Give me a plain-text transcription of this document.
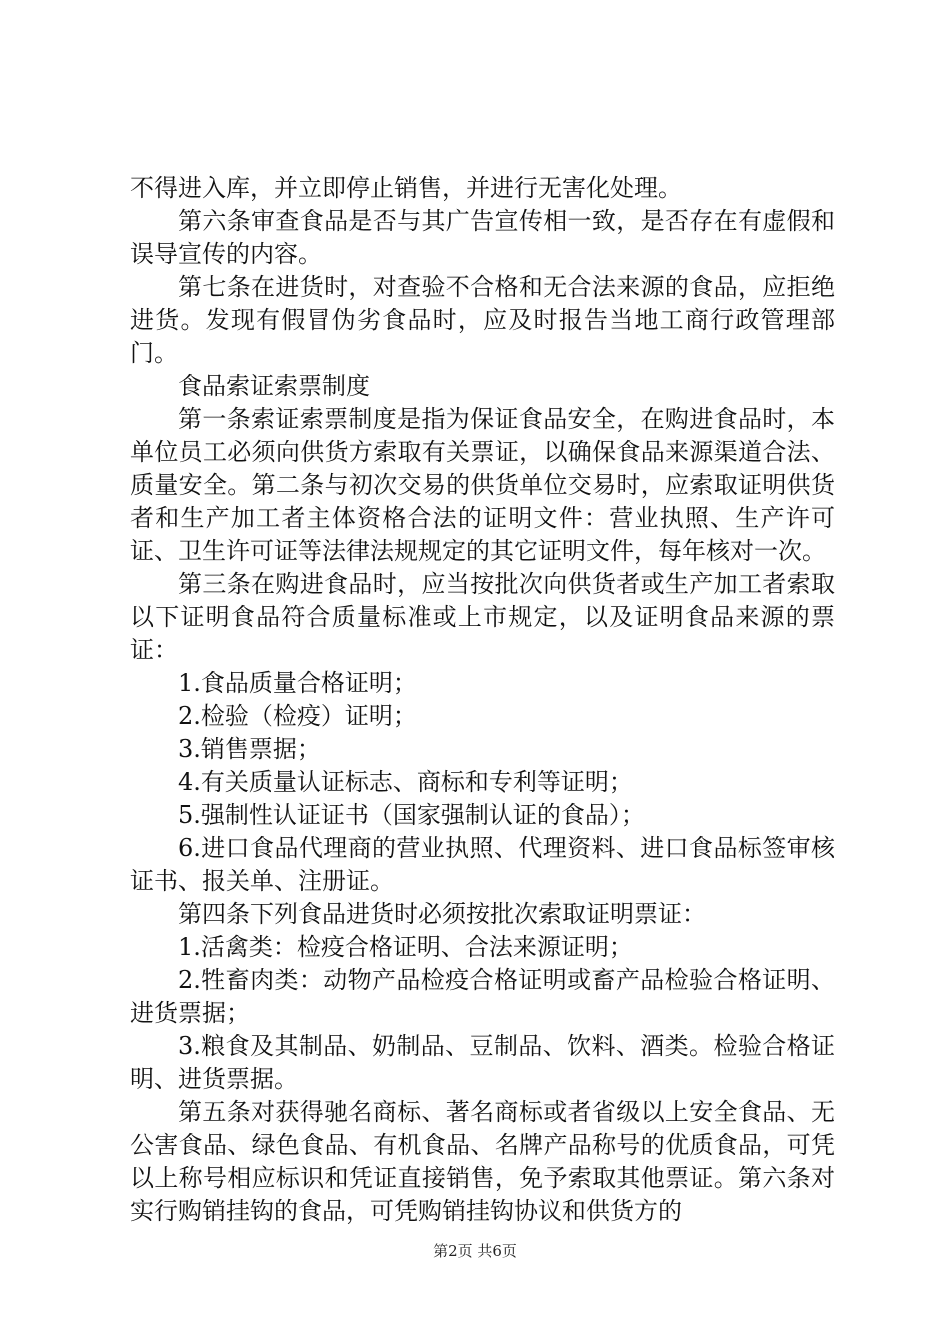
不得进入库，并立即停止销售，并进行无害化处理。

第六条审查食品是否与其广告宣传相一致，是否存在有虚假和误导宣传的内容。

第七条在进货时，对查验不合格和无合法来源的食品，应拒绝进货。发现有假冒伪劣食品时，应及时报告当地工商行政管理部门。

食品索证索票制度

第一条索证索票制度是指为保证食品安全，在购进食品时，本单位员工必须向供货方索取有关票证，以确保食品来源渠道合法、质量安全。第二条与初次交易的供货单位交易时，应索取证明供货者和生产加工者主体资格合法的证明文件：营业执照、生产许可证、卫生许可证等法律法规规定的其它证明文件，每年核对一次。

第三条在购进食品时，应当按批次向供货者或生产加工者索取以下证明食品符合质量标准或上市规定，以及证明食品来源的票证：

1.食品质量合格证明；

2.检验（检疫）证明；

3.销售票据；

4.有关质量认证标志、商标和专利等证明；

5.强制性认证证书（国家强制认证的食品）；

6.进口食品代理商的营业执照、代理资料、进口食品标签审核证书、报关单、注册证。

第四条下列食品进货时必须按批次索取证明票证：

1.活禽类：检疫合格证明、合法来源证明；

2.牲畜肉类：动物产品检疫合格证明或畜产品检验合格证明、进货票据；

3.粮食及其制品、奶制品、豆制品、饮料、酒类。检验合格证明、进货票据。

第五条对获得驰名商标、著名商标或者省级以上安全食品、无公害食品、绿色食品、有机食品、名牌产品称号的优质食品，可凭以上称号相应标识和凭证直接销售，免予索取其他票证。第六条对实行购销挂钩的食品，可凭购销挂钩协议和供货方的

第2页 共6页
